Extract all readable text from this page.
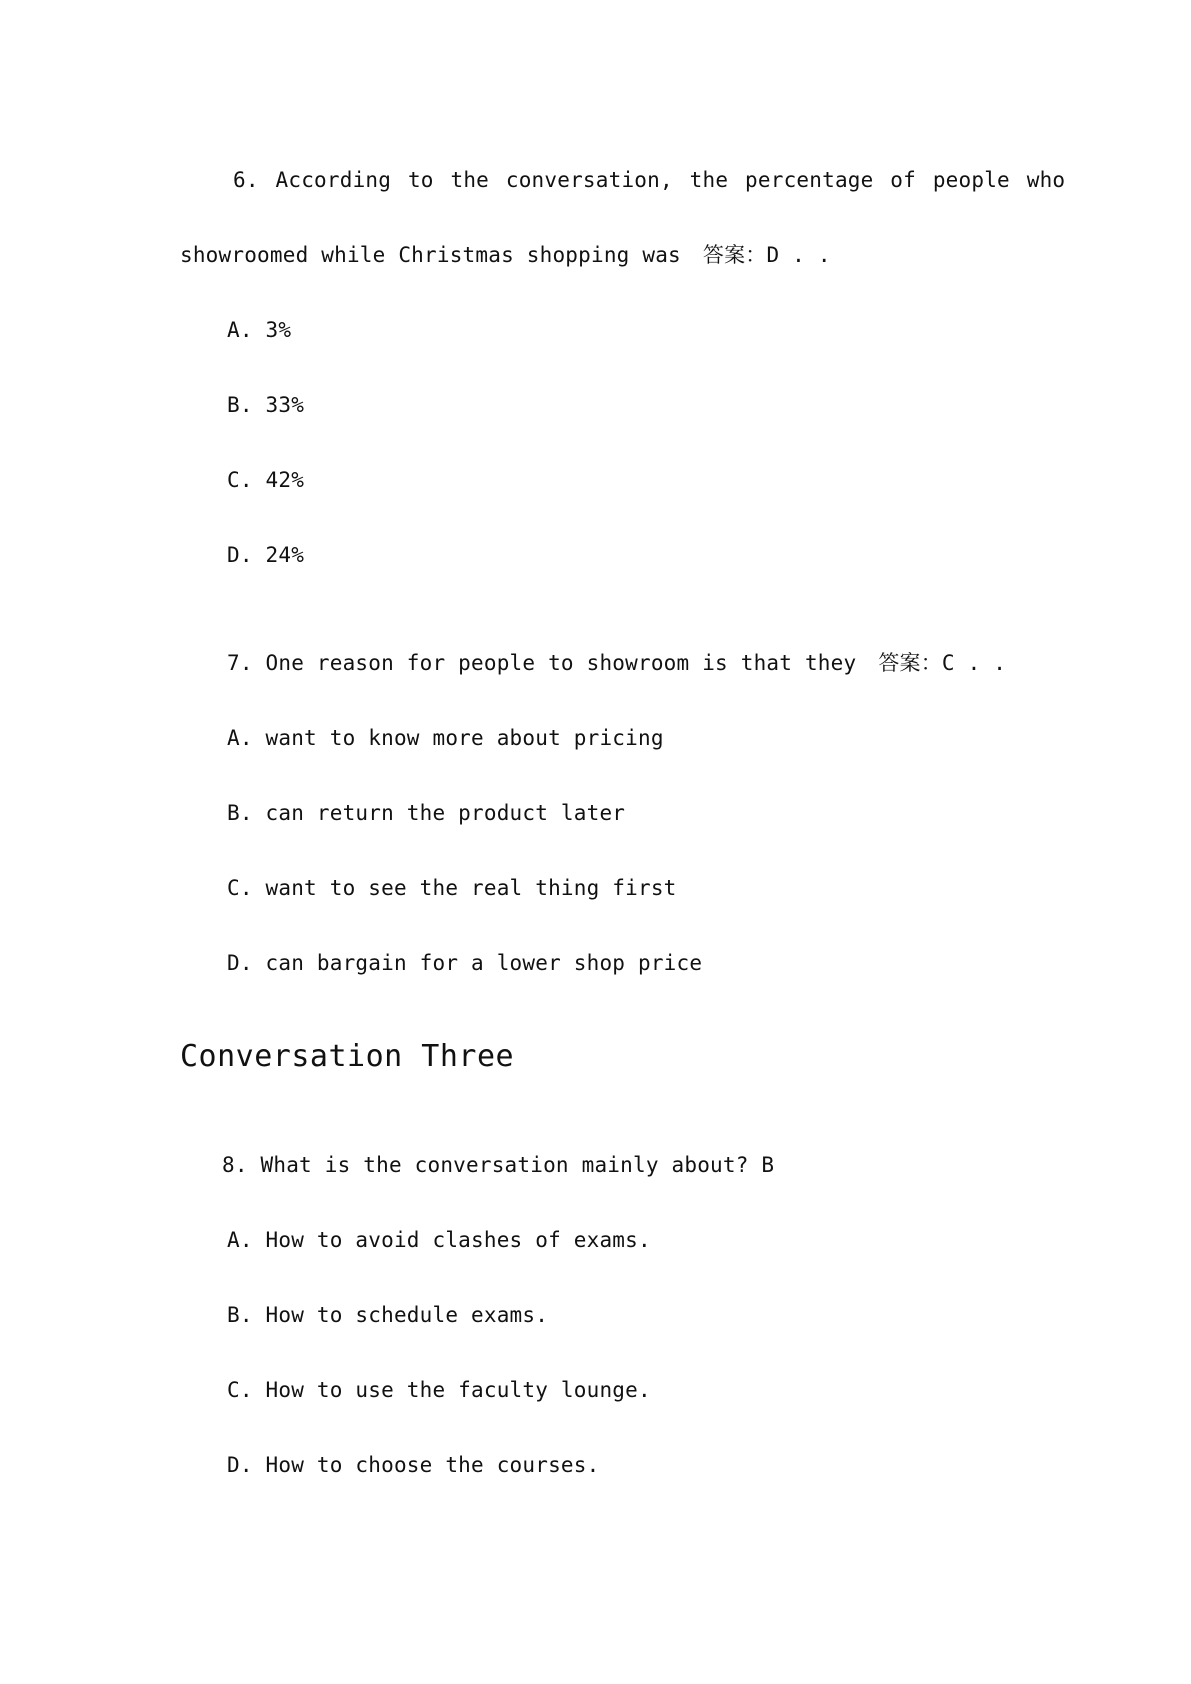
6. According to the conversation, the percentage of people who
showroomed while Christmas shopping was 答案：D . .
A. 3%
B. 33%
C. 42%
D. 24%
7. One reason for people to showroom is that they 答案：C . .
A. want to know more about pricing
B. can return the product later
C. want to see the real thing first
D. can bargain for a lower shop price
Conversation Three
8. What is the conversation mainly about? B
A. How to avoid clashes of exams.
B. How to schedule exams.
C. How to use the faculty lounge.
D. How to choose the courses.
